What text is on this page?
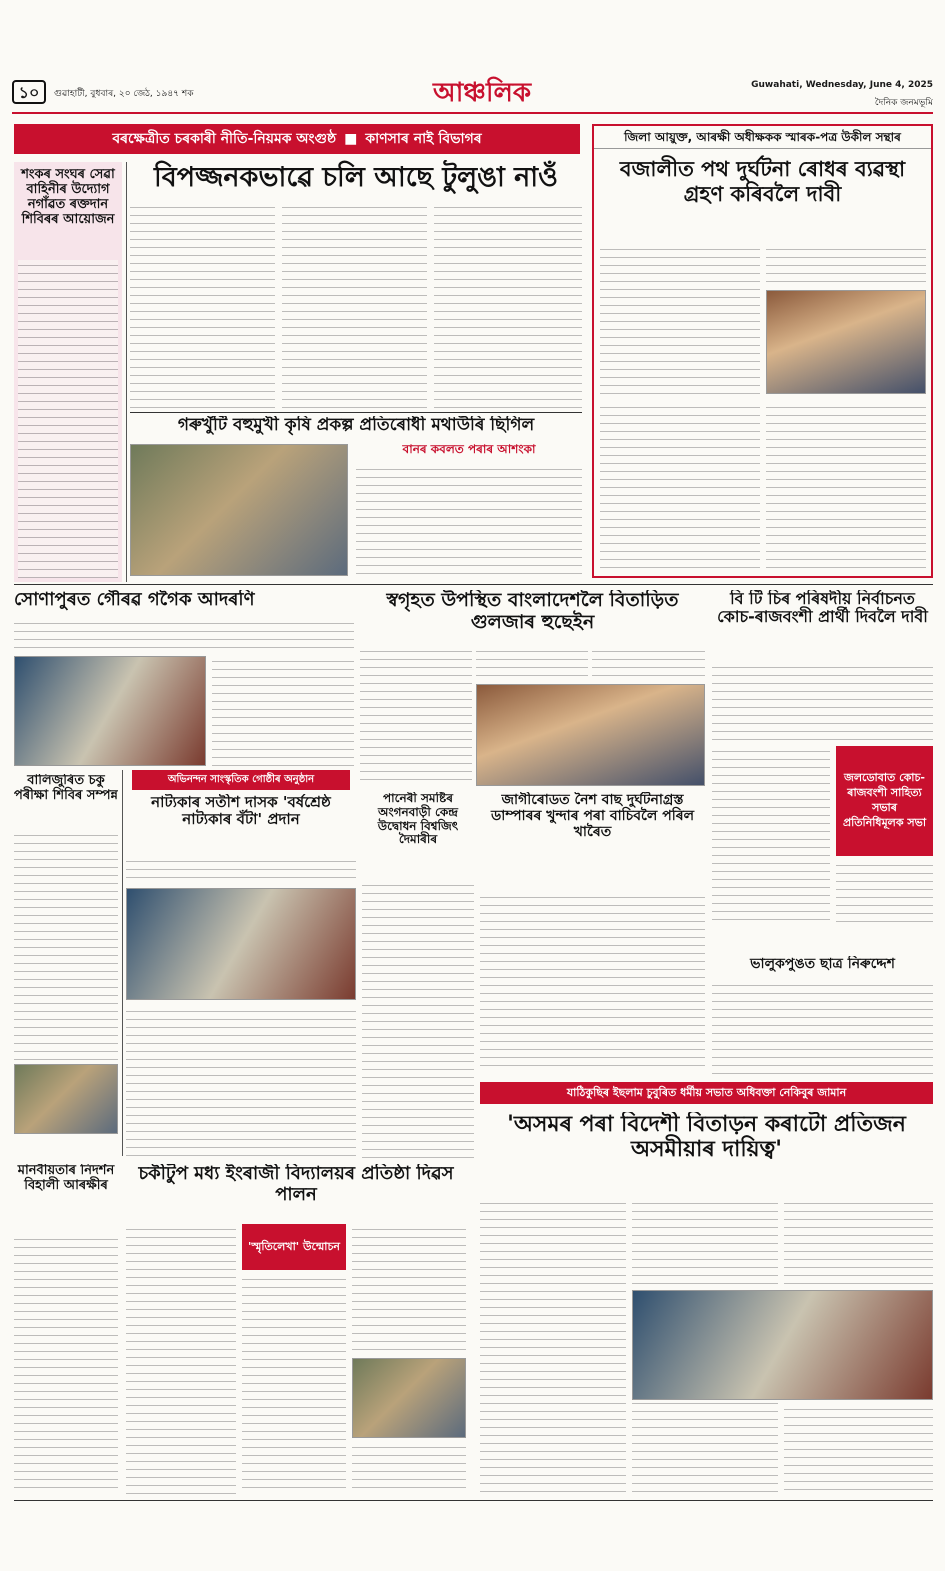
১০	গুৱাহাটী, বুধবাৰ, ২০ জেঠ, ১৯৪৭ শক	আঞ্চলিক	Guwahati, Wednesday, June 4, 2025
দৈনিক জনমভূমি
বৰক্ষেত্ৰীত চৰকাৰী নীতি-নিয়মক অংগুষ্ঠ ■ কাণসাৰ নাই বিভাগৰ
শংকৰ সংঘৰ সেৱা বাহিনীৰ উদ্যোগ নগাঁৱত ৰক্তদান শিবিৰৰ আয়োজন
বিপজ্জনকভাৱে চলি আছে টুলুঙা নাওঁ
গৰুখুঁটি বহুমুখী কৃষি প্ৰকল্প প্ৰতিৰোধী মথাউৰি ছিগিল
বানৰ কবলত পৰাৰ আশংকা
জিলা আয়ুক্ত, আৰক্ষী অধীক্ষকক স্মাৰক-পত্ৰ উকীল সন্থাৰ
বজালীত পথ দুৰ্ঘটনা ৰোধৰ ব্যৱস্থা গ্ৰহণ কৰিবলৈ দাবী
সোণাপুৰত গৌৰৱ গগৈক আদৰণি	স্বগৃহত উপস্থিত বাংলাদেশলৈ বিতাড়িত গুলজাৰ হুছেইন
বি টি চিৰ পৰিষদীয় নিৰ্বাচনত কোচ-ৰাজবংশী প্ৰাৰ্থী দিবলৈ দাবী
জলডোবাত কোচ-ৰাজবংশী সাহিত্য সভাৰ প্ৰতিনিধিমূলক সভা
বালিজুৰিত চকু পৰীক্ষা শিবিৰ সম্পন্ন
অভিনন্দন সাংস্কৃতিক গোষ্ঠীৰ অনুষ্ঠান
নাট্যকাৰ সতীশ দাসক 'বৰ্ষশ্ৰেষ্ঠ নাট্যকাৰ বঁটা' প্ৰদান
পানেৰী সমষ্টিৰ অংগনবাড়ী কেন্দ্ৰ উদ্বোধন বিশ্বজিৎ দৈমাৰীৰ
জাগীৰোডত নৈশ বাছ দুৰ্ঘটনাগ্ৰস্ত ডাম্পাৰৰ খুন্দাৰ পৰা বাচিবলৈ পৰিল খাৰৈত
ভালুকপুঙত ছাত্ৰ নিৰুদ্দেশ
মানবীয়তাৰ নিদৰ্শন বিহালী আৰক্ষীৰ
চকীটুপ মধ্য ইংৰাজী বিদ্যালয়ৰ প্ৰতিষ্ঠা দিৱস পালন
'স্মৃতিলেখা' উন্মোচন
যাঠিকুছিৰ ইছলাম চুবুৰিত ধৰ্মীয় সভাত অধিবক্তা নেকিবুৰ জামান
'অসমৰ পৰা বিদেশী বিতাড়ন কৰাটো প্ৰতিজন অসমীয়াৰ দায়িত্ব'
